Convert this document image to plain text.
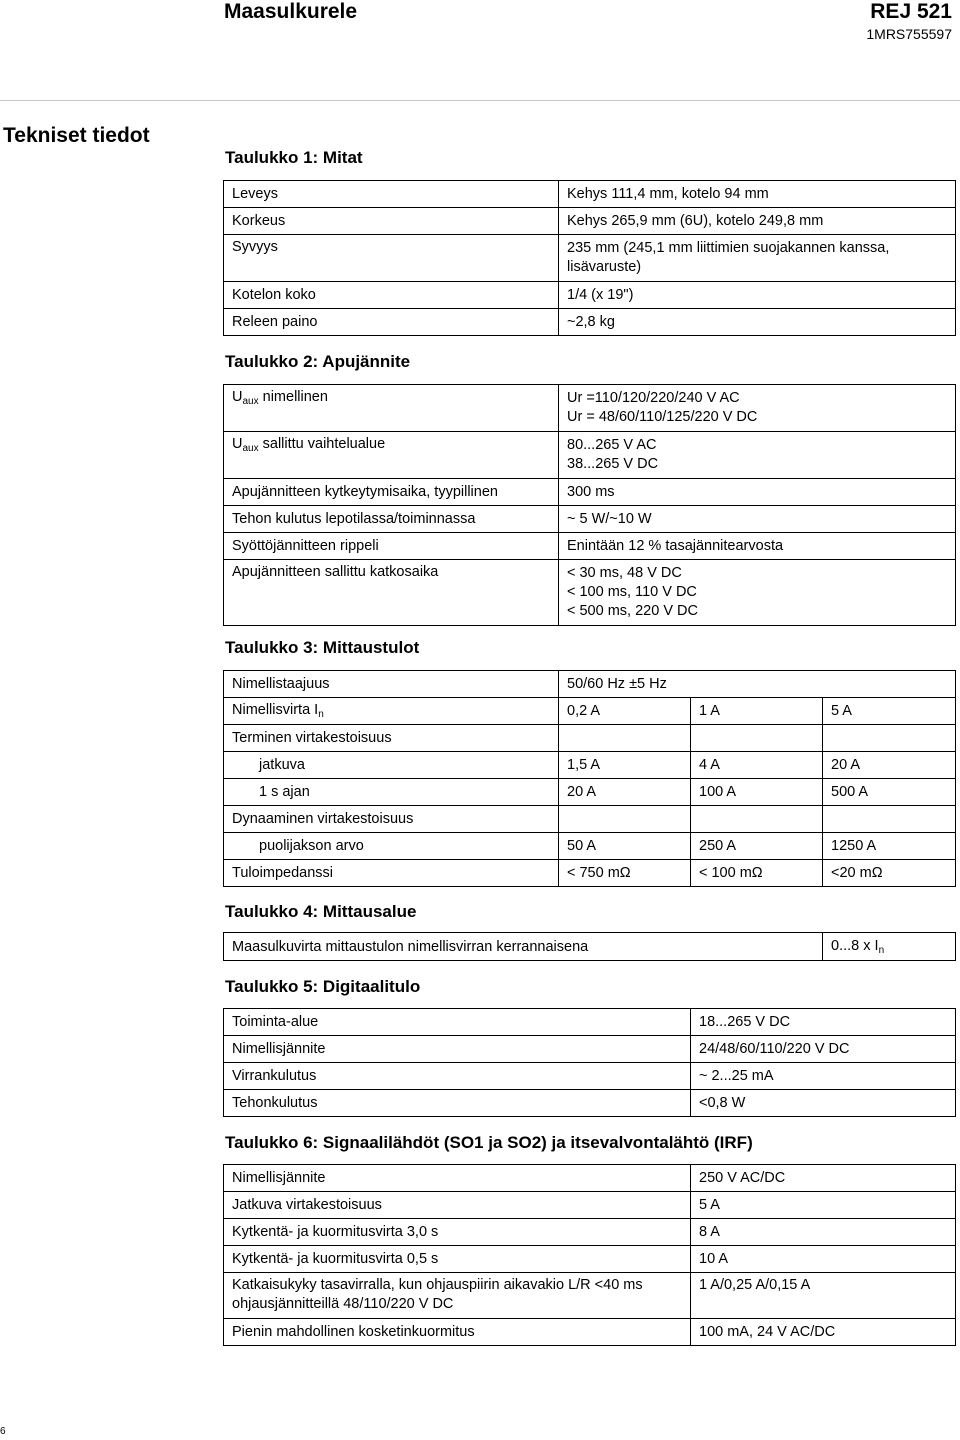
Maasulkurele	REJ 521
1MRS755597
Tekniset tiedot
Taulukko 1: Mitat
Leveys	Kehys 111,4 mm, kotelo 94 mm
Korkeus	Kehys 265,9 mm (6U), kotelo 249,8 mm
Syvyys	235 mm (245,1 mm liittimien suojakannen kanssa, lisävaruste)
Kotelon koko	1/4 (x 19")
Releen paino	~2,8 kg
Taulukko 2: Apujännite
$U_{aux}$ nimellinen	Ur =110/120/220/240 V AC
Ur = 48/60/110/125/220 V DC

$U_{aux}$ sallittu vaihtelualue	80...265 V AC
38...265 V DC

Apujännitteen kytkeytymisaika, tyypillinen	300 ms
Tehon kulutus lepotilassa/toiminnassa	~ 5 W/~10 W
Syöttöjännitteen rippeli	Enintään 12 % tasajännitearvosta
Apujännitteen sallittu katkosaika	< 30 ms, 48 V DC
< 100 ms, 110 V DC
< 500 ms, 220 V DC
Taulukko 3: Mittaustulot
Nimellistaajuus	50/60 Hz ±5 Hz		
Nimellisvirta $I_n$	0,2 A	1 A	5 A
Terminen virtakestoisuus			
jatkuva	1,5 A	4 A	20 A
1 s ajan	20 A	100 A	500 A
Dynaaminen virtakestoisuus			
puolijakson arvo	50 A	250 A	1250 A
Tuloimpedanssi	< 750 mΩ	< 100 mΩ	<20 mΩ
Taulukko 4: Mittausalue
Maasulkuvirta mittaustulon nimellisvirran kerrannaisena	0...8 x $I_n$
Taulukko 5: Digitaalitulo
Toiminta-alue	18...265 V DC
Nimellisjännite	24/48/60/110/220 V DC
Virrankulutus	~ 2...25 mA
Tehonkulutus	<0,8 W
Taulukko 6: Signaalilähdöt (SO1 ja SO2) ja itsevalvontalähtö (IRF)
Nimellisjännite	250 V AC/DC
Jatkuva virtakestoisuus	5 A
Kytkentä- ja kuormitusvirta 3,0 s	8 A
Kytkentä- ja kuormitusvirta 0,5 s	10 A

Katkaisukyky tasavirralla, kun ohjauspiirin aikavakio L/R <40 ms
ohjausjännitteillä 48/110/220 V DC	1 A/0,25 A/0,15 A

Pienin mahdollinen kosketinkuormitus	100 mA, 24 V AC/DC
6
